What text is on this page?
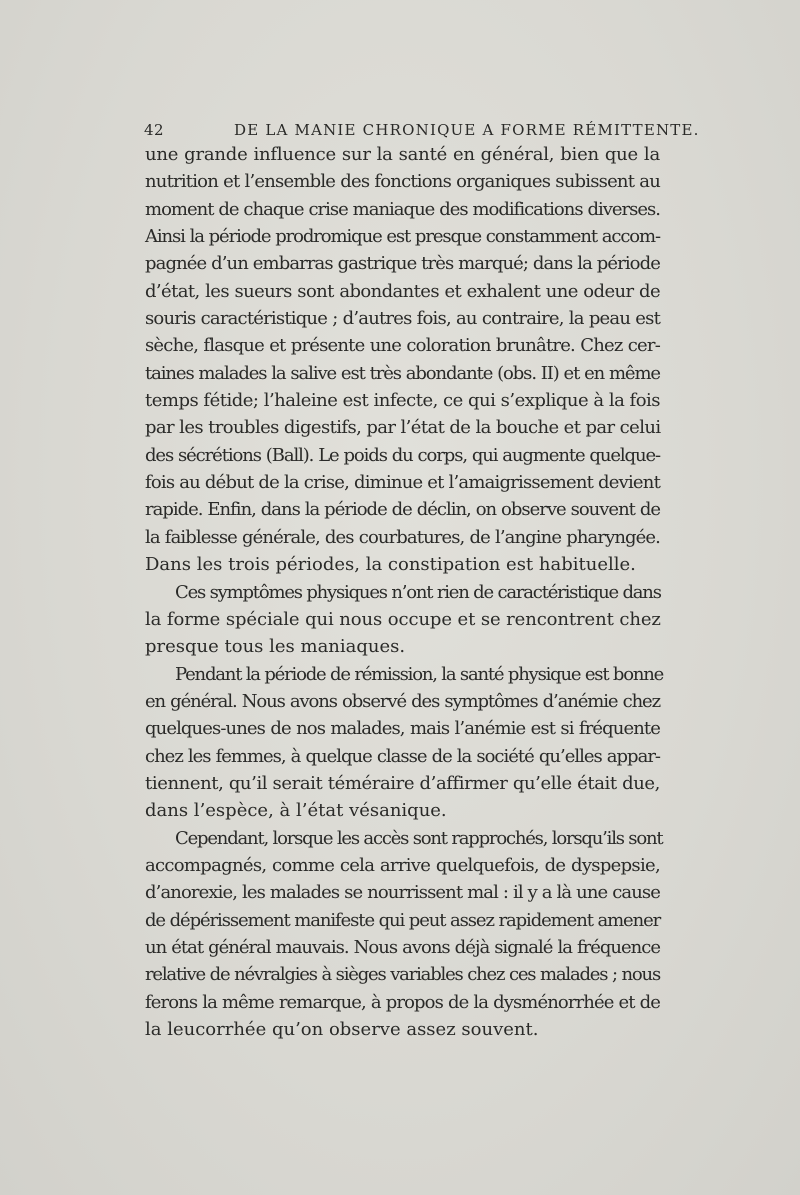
42	DE LA MANIE CHRONIQUE A FORME RÉMITTENTE.
une grande influence sur la santé en général, bien que la
nutrition et l’ensemble des fonctions organiques subissent au
moment de chaque crise maniaque des modifications diverses.
Ainsi la période prodromique est presque constamment accom-
pagnée d’un embarras gastrique très marqué; dans la période
d’état, les sueurs sont abondantes et exhalent une odeur de
souris caractéristique ; d’autres fois, au contraire, la peau est
sèche, flasque et présente une coloration brunâtre. Chez cer-
taines malades la salive est très abondante (obs. II) et en même
temps fétide; l’haleine est infecte, ce qui s’explique à la fois
par les troubles digestifs, par l’état de la bouche et par celui
des sécrétions (Ball). Le poids du corps, qui augmente quelque-
fois au début de la crise, diminue et l’amaigrissement devient
rapide. Enfin, dans la période de déclin, on observe souvent de
la faiblesse générale, des courbatures, de l’angine pharyngée.
Dans les trois périodes, la constipation est habituelle.
Ces symptômes physiques n’ont rien de caractéristique dans
la forme spéciale qui nous occupe et se rencontrent chez
presque tous les maniaques.
Pendant la période de rémission, la santé physique est bonne
en général. Nous avons observé des symptômes d’anémie chez
quelques-unes de nos malades, mais l’anémie est si fréquente
chez les femmes, à quelque classe de la société qu’elles appar-
tiennent, qu’il serait téméraire d’affirmer qu’elle était due,
dans l’espèce, à l’état vésanique.
Cependant, lorsque les accès sont rapprochés, lorsqu’ils sont
accompagnés, comme cela arrive quelquefois, de dyspepsie,
d’anorexie, les malades se nourrissent mal : il y a là une cause
de dépérissement manifeste qui peut assez rapidement amener
un état général mauvais. Nous avons déjà signalé la fréquence
relative de névralgies à sièges variables chez ces malades ; nous
ferons la même remarque, à propos de la dysménorrhée et de
la leucorrhée qu’on observe assez souvent.
